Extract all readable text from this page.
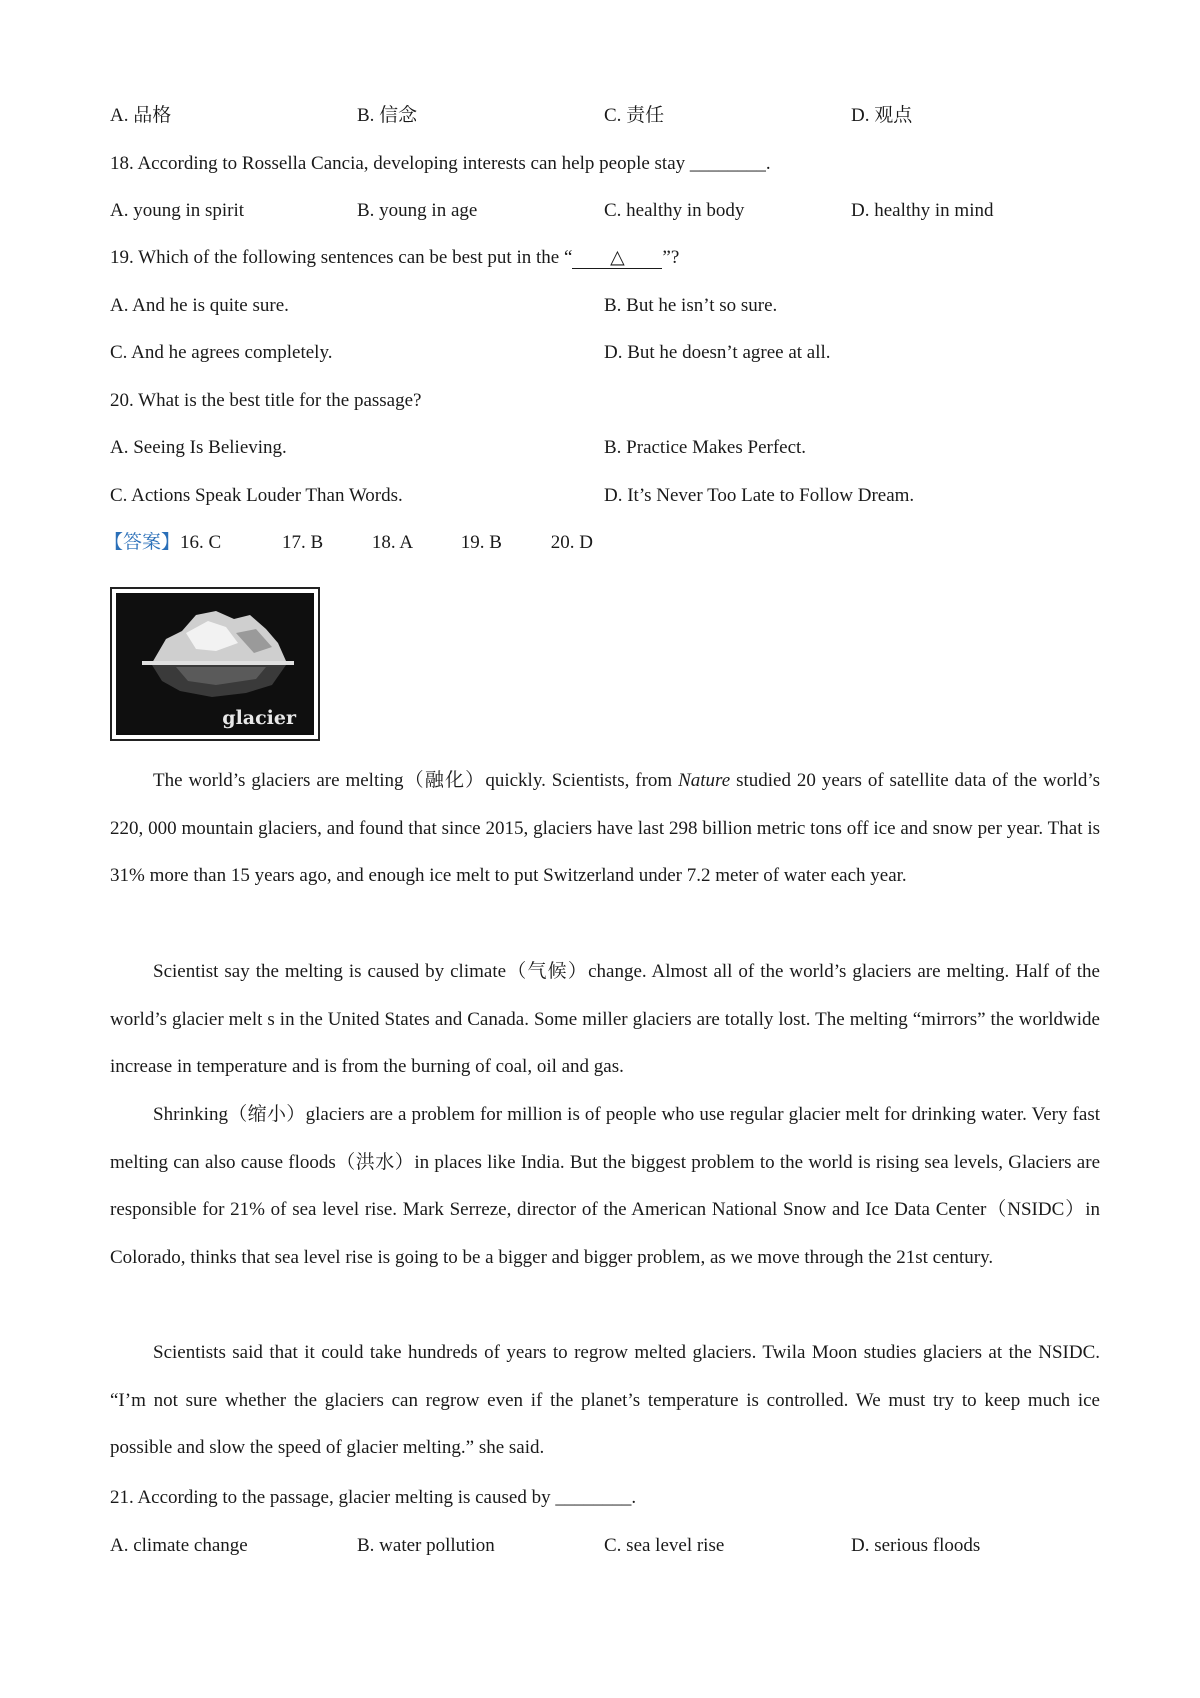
A. 品格	B. 信念	C. 责任	D. 观点
18. According to Rossella Cancia, developing interests can help people stay ________.
A. young in spirit	B. young in age	C. healthy in body	D. healthy in mind
19. Which of the following sentences can be best put in the “ △ ”?
A. And he is quite sure.	B. But he isn’t so sure.
C. And he agrees completely.	D. But he doesn’t agree at all.
20. What is the best title for the passage?
A. Seeing Is Believing.	B. Practice Makes Perfect.
C. Actions Speak Louder Than Words.	D. It’s Never Too Late to Follow Dream.
【答案】16. C	17. B	18. A	19. B	20. D
glacier
The world’s glaciers are melting（融化）quickly. Scientists, from Nature studied 20 years of satellite data of the world’s 220, 000 mountain glaciers, and found that since 2015, glaciers have last 298 billion metric tons off ice and snow per year. That is 31% more than 15 years ago, and enough ice melt to put Switzerland under 7.2 meter of water each year.
Scientist say the melting is caused by climate（气候）change. Almost all of the world’s glaciers are melting. Half of the world’s glacier melt s in the United States and Canada. Some miller glaciers are totally lost. The melting “mirrors” the worldwide increase in temperature and is from the burning of coal, oil and gas.
Shrinking（缩小）glaciers are a problem for million is of people who use regular glacier melt for drinking water. Very fast melting can also cause floods（洪水）in places like India. But the biggest problem to the world is rising sea levels, Glaciers are responsible for 21% of sea level rise. Mark Serreze, director of the American National Snow and Ice Data Center（NSIDC）in Colorado, thinks that sea level rise is going to be a bigger and bigger problem, as we move through the 21st century.
Scientists said that it could take hundreds of years to regrow melted glaciers. Twila Moon studies glaciers at the NSIDC. “I’m not sure whether the glaciers can regrow even if the planet’s temperature is controlled. We must try to keep much ice possible and slow the speed of glacier melting.” she said.
21. According to the passage, glacier melting is caused by ________.
A. climate change	B. water pollution	C. sea level rise	D. serious floods
